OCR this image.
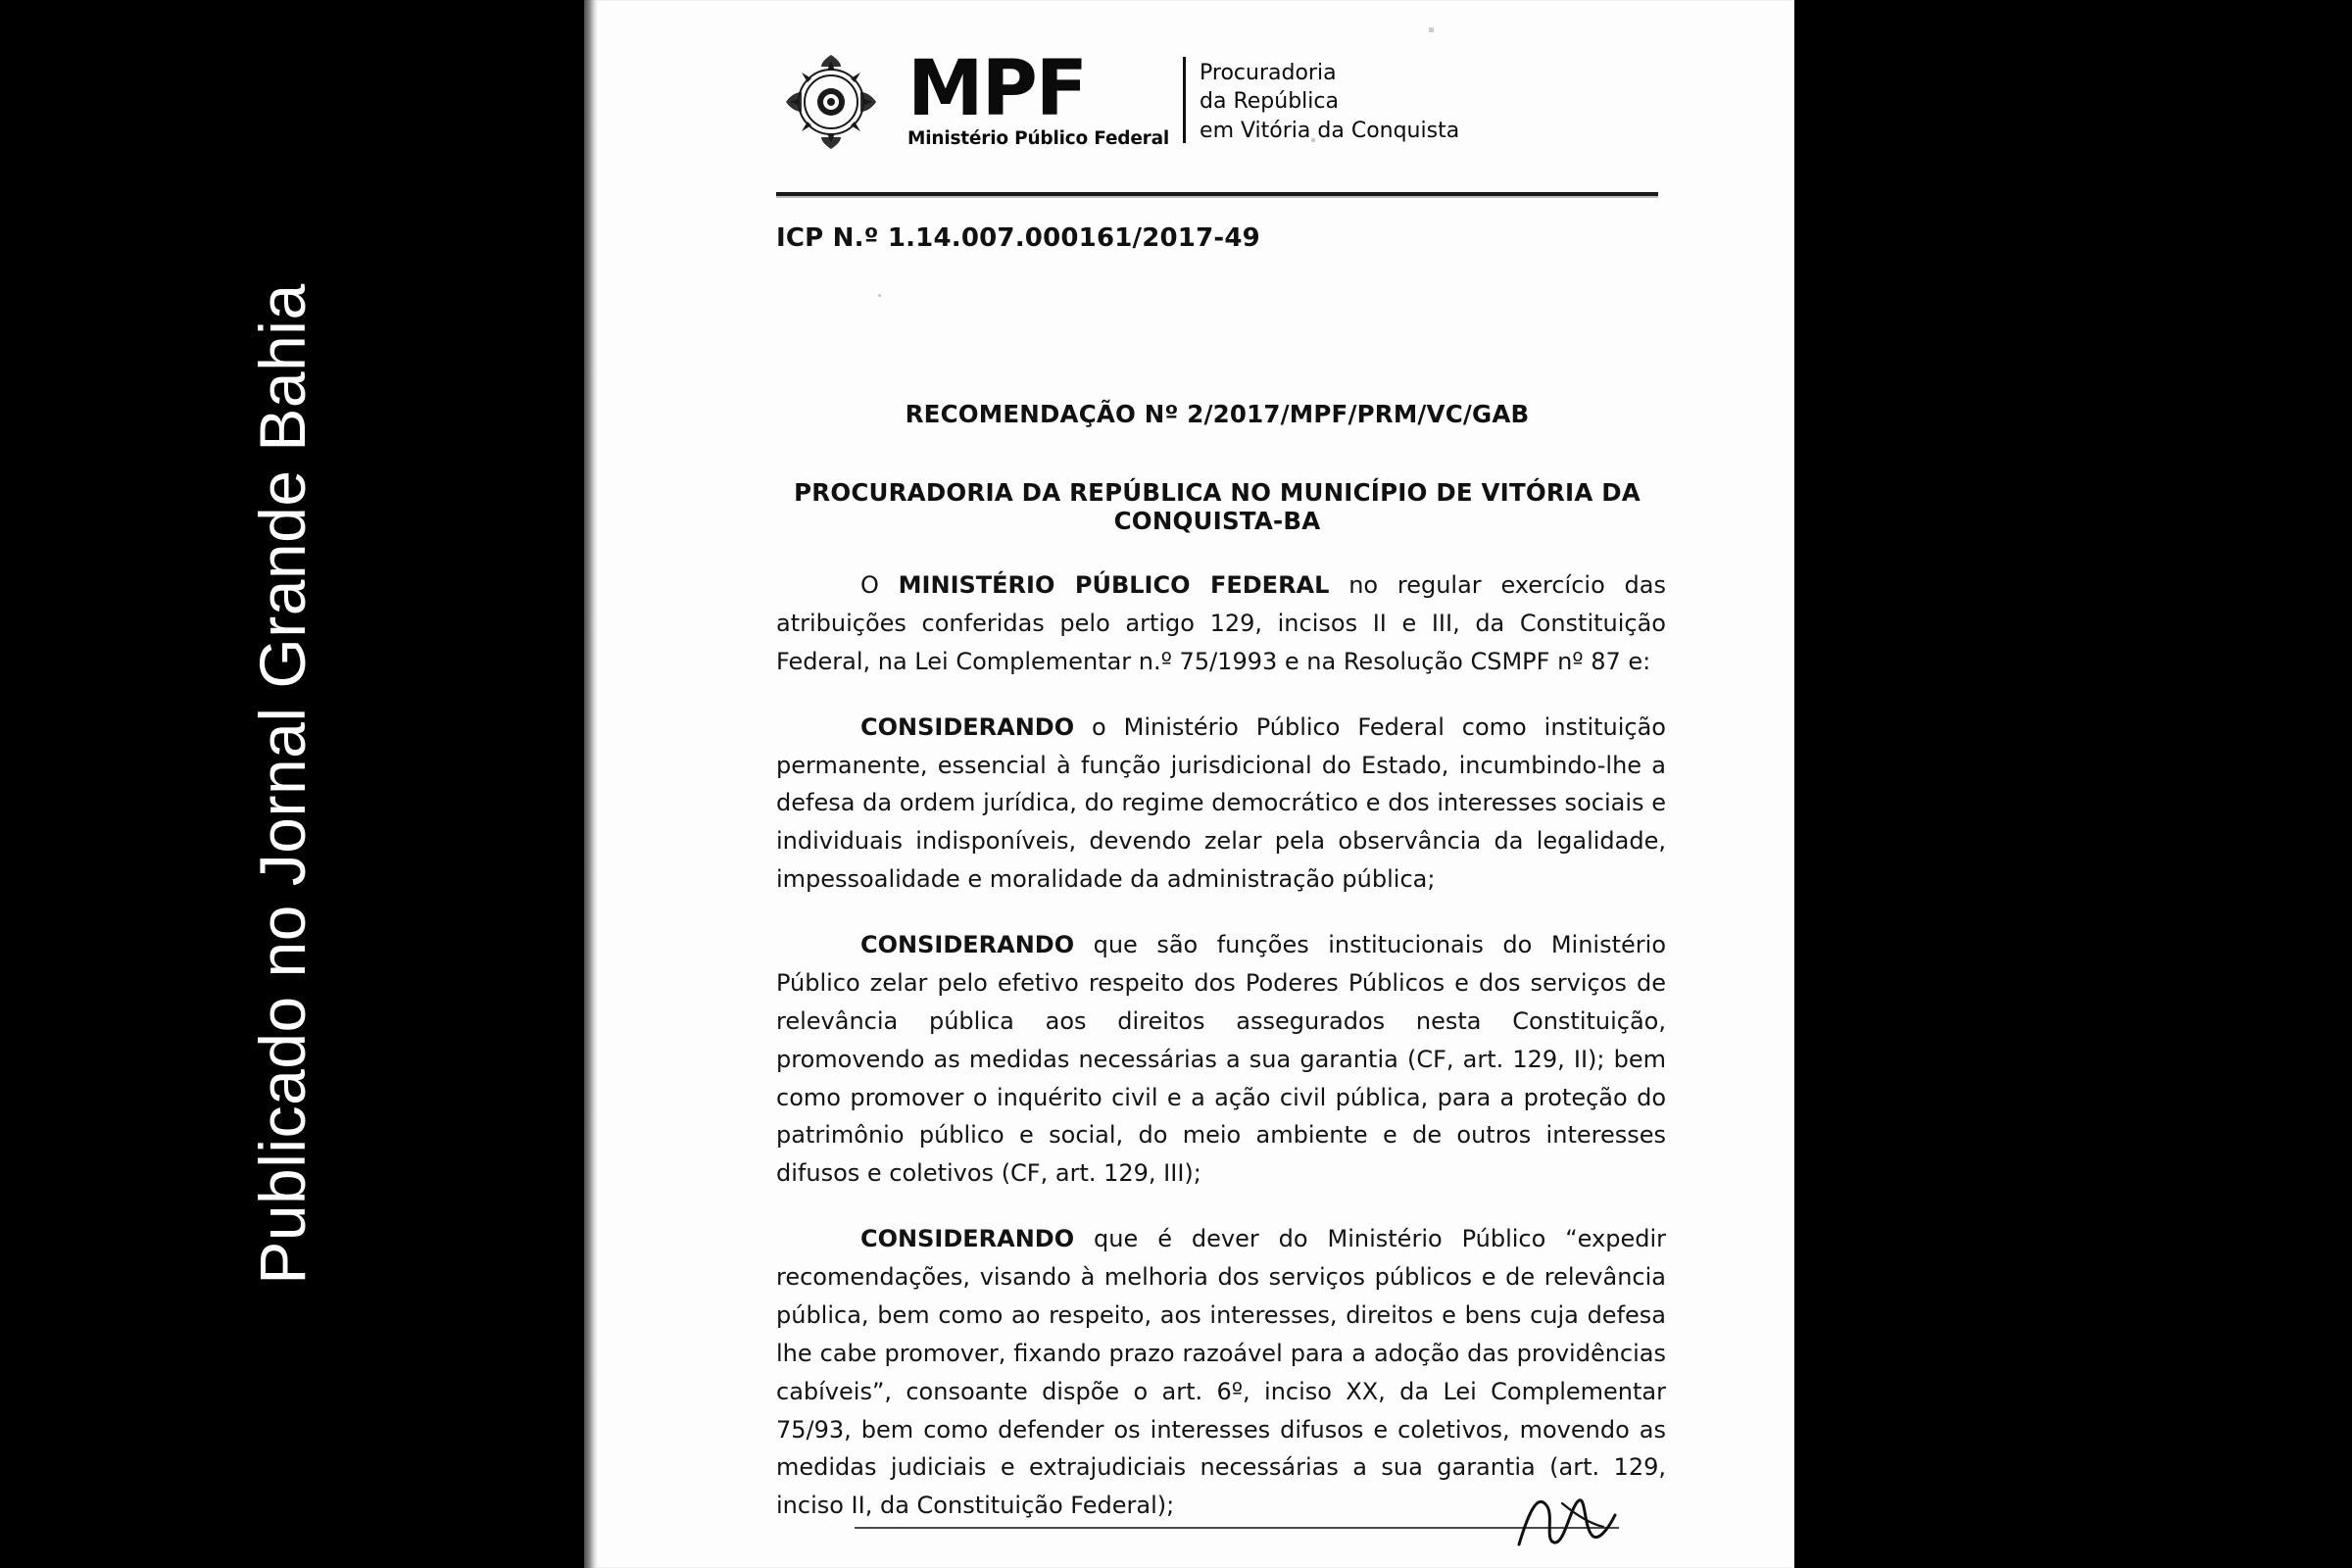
Publicado no Jornal Grande Bahia
MPF
Ministério Público Federal
Procuradoria
da República
em Vitória da Conquista
ICP N.º 1.14.007.000161/2017-49
RECOMENDAÇÃO Nº 2/2017/MPF/PRM/VC/GAB
PROCURADORIA DA REPÚBLICA NO MUNICÍPIO DE VITÓRIA DA CONQUISTA-BA

O MINISTÉRIO PÚBLICO FEDERAL no regular exercício das atribuições conferidas pelo artigo 129, incisos II e III, da Constituição Federal, na Lei Complementar n.º 75/1993 e na Resolução CSMPF nº 87 e:

CONSIDERANDO o Ministério Público Federal como instituição permanente, essencial à função jurisdicional do Estado, incumbindo-lhe a defesa da ordem jurídica, do regime democrático e dos interesses sociais e individuais indisponíveis, devendo zelar pela observância da legalidade, impessoalidade e moralidade da administração pública;

CONSIDERANDO que são funções institucionais do Ministério Público zelar pelo efetivo respeito dos Poderes Públicos e dos serviços de relevância pública aos direitos assegurados nesta Constituição, promovendo as medidas necessárias a sua garantia (CF, art. 129, II); bem como promover o inquérito civil e a ação civil pública, para a proteção do patrimônio público e social, do meio ambiente e de outros interesses difusos e coletivos (CF, art. 129, III);

CONSIDERANDO que é dever do Ministério Público “expedir recomendações, visando à melhoria dos serviços públicos e de relevância pública, bem como ao respeito, aos interesses, direitos e bens cuja defesa lhe cabe promover, fixando prazo razoável para a adoção das providências cabíveis”, consoante dispõe o art. 6º, inciso XX, da Lei Complementar 75/93, bem como defender os interesses difusos e coletivos, movendo as medidas judiciais e extrajudiciais necessárias a sua garantia (art. 129, inciso II, da Constituição Federal);
